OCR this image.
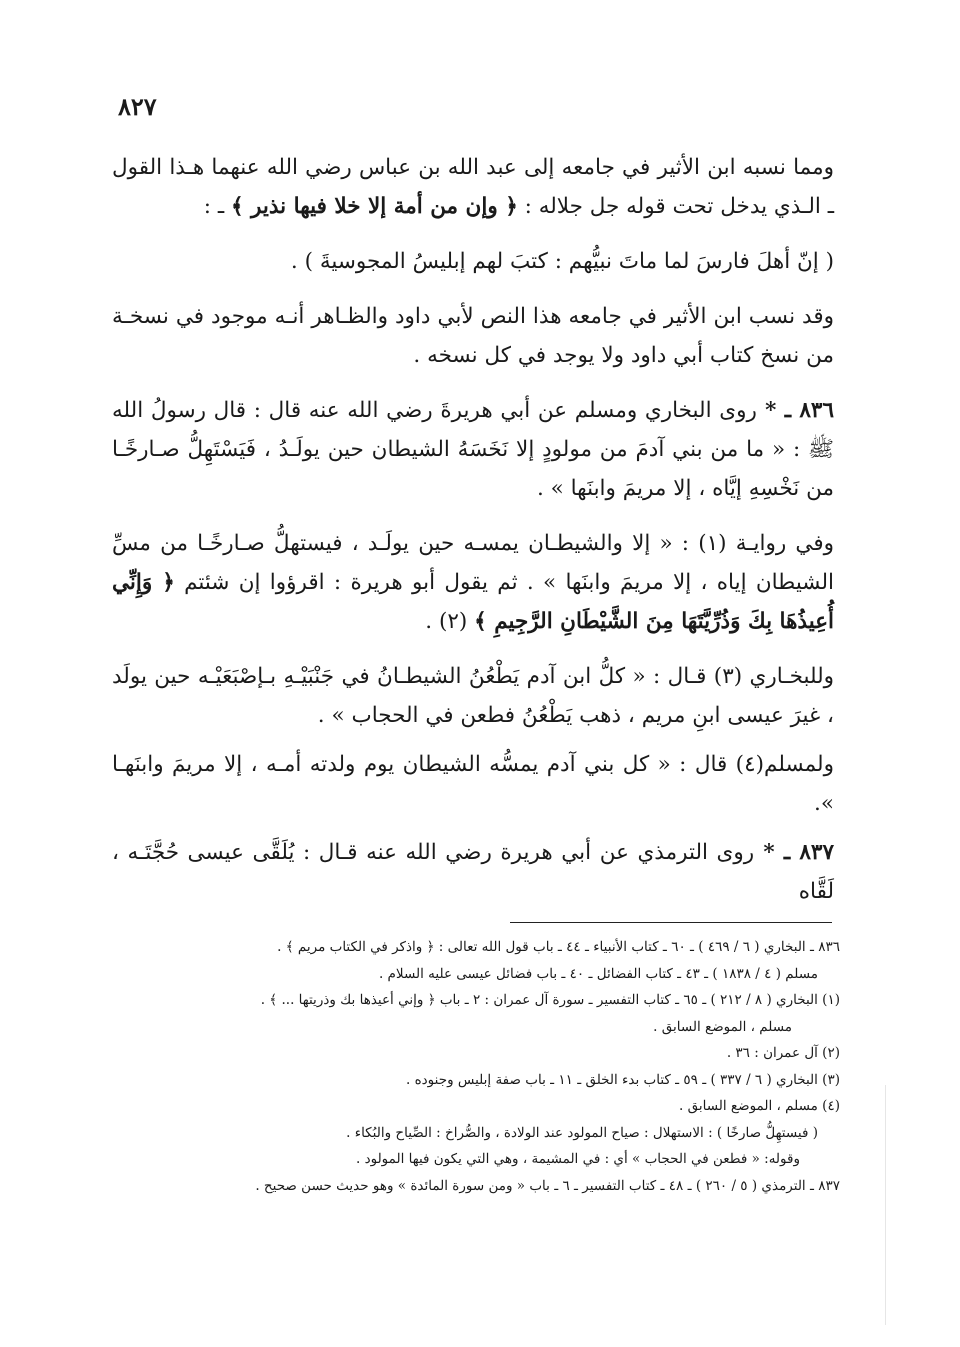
٨٢٧

ومما نسبه ابن الأثير في جامعه إلى عبد الله بن عباس رضي الله عنهما هـذا القول ـ الـذي يدخل تحت قوله جل جلاله : ﴿ وإن من أمة إلا خلا فيها نذير ﴾ ـ :

( إنّ أهلَ فارسَ لما ماتَ نبيُّهم : كتبَ لهم إبليسُ المجوسيةَ ) .

وقد نسب ابن الأثير في جامعه هذا النص لأبي داود والظـاهر أنـه موجود في نسخـة من نسخ كتاب أبي داود ولا يوجد في كل نسخه .

٨٣٦ ـ * روى البخاري ومسلم عن أبي هريرةَ رضي الله عنه قال : قال رسولُ الله ﷺ : « ما من بني آدمَ من مولودٍ إلا نَخَسَهُ الشيطان حين يولَـدُ ، فَيَسْتَهِلُّ صـارخًـا من نَخْسِهِ إيَّاه ، إلا مريمَ وابنَها » .

وفي روايـة (١) : « إلا والشيطـان يمسـه حين يولَـد ، فيستهلُّ صـارخًـا من مسِّ الشيطان إياه ، إلا مريمَ وابنَها » . ثم يقول أبو هريرة : اقرؤوا إن شئتم ﴿ وَإِنِّي أُعِيذُهَا بِكَ وَذُرِّيَّتَهَا مِنَ الشَّيْطَانِ الرَّجِيمِ ﴾ (٢) .

وللبخـاري (٣) قـال : « كلُّ ابن آدم يَطْعُنُ الشيطـانُ في جَنْبَيْـهِ بـإصْبَعَيْـه حين يولَد ، غيرَ عيسى ابنِ مريم ، ذهب يَطْعُنُ فطعن في الحجاب » .

ولمسلم(٤) قال : « كل بني آدم يمسُّه الشيطان يوم ولدته أمـه ، إلا مريمَ وابنَهـا ».

٨٣٧ ـ * روى الترمذي عن أبي هريرة رضي الله عنه قـال : يُلَقَّى عيسى حُجَّتَـه ، لَقَّاه

٨٣٦ ـ البخاري ( ٦ / ٤٦٩ ) ـ ٦٠ ـ كتاب الأنبياء ـ ٤٤ ـ باب قول الله تعالى : ﴿ واذكر في الكتاب مريم ﴾ .
مسلم ( ٤ / ١٨٣٨ ) ـ ٤٣ ـ كتاب الفضائل ـ ٤٠ ـ باب فضائل عيسى عليه السلام .
(١) البخاري ( ٨ / ٢١٢ ) ـ ٦٥ ـ كتاب التفسير ـ سورة آل عمران : ٢ ـ باب ﴿ وإني أعيذها بك وذريتها ... ﴾ .
مسلم ، الموضع السابق .
(٢) آل عمران : ٣٦ .
(٣) البخاري ( ٦ / ٣٣٧ ) ـ ٥٩ ـ كتاب بدء الخلق ـ ١١ ـ باب صفة إبليس وجنوده .
(٤) مسلم ، الموضع السابق .
( فيستهِلُّ صارخًا ) : الاستهلال : صياح المولود عند الولادة ، والصُّراخ : الصِّياح والبُكاء .
وقوله: « فطعن في الحجاب » أي : في المشيمة ، وهي التي يكون فيها المولود .
٨٣٧ ـ الترمذي ( ٥ / ٢٦٠ ) ـ ٤٨ ـ كتاب التفسير ـ ٦ ـ باب « ومن سورة المائدة » وهو حديث حسن صحيح .
